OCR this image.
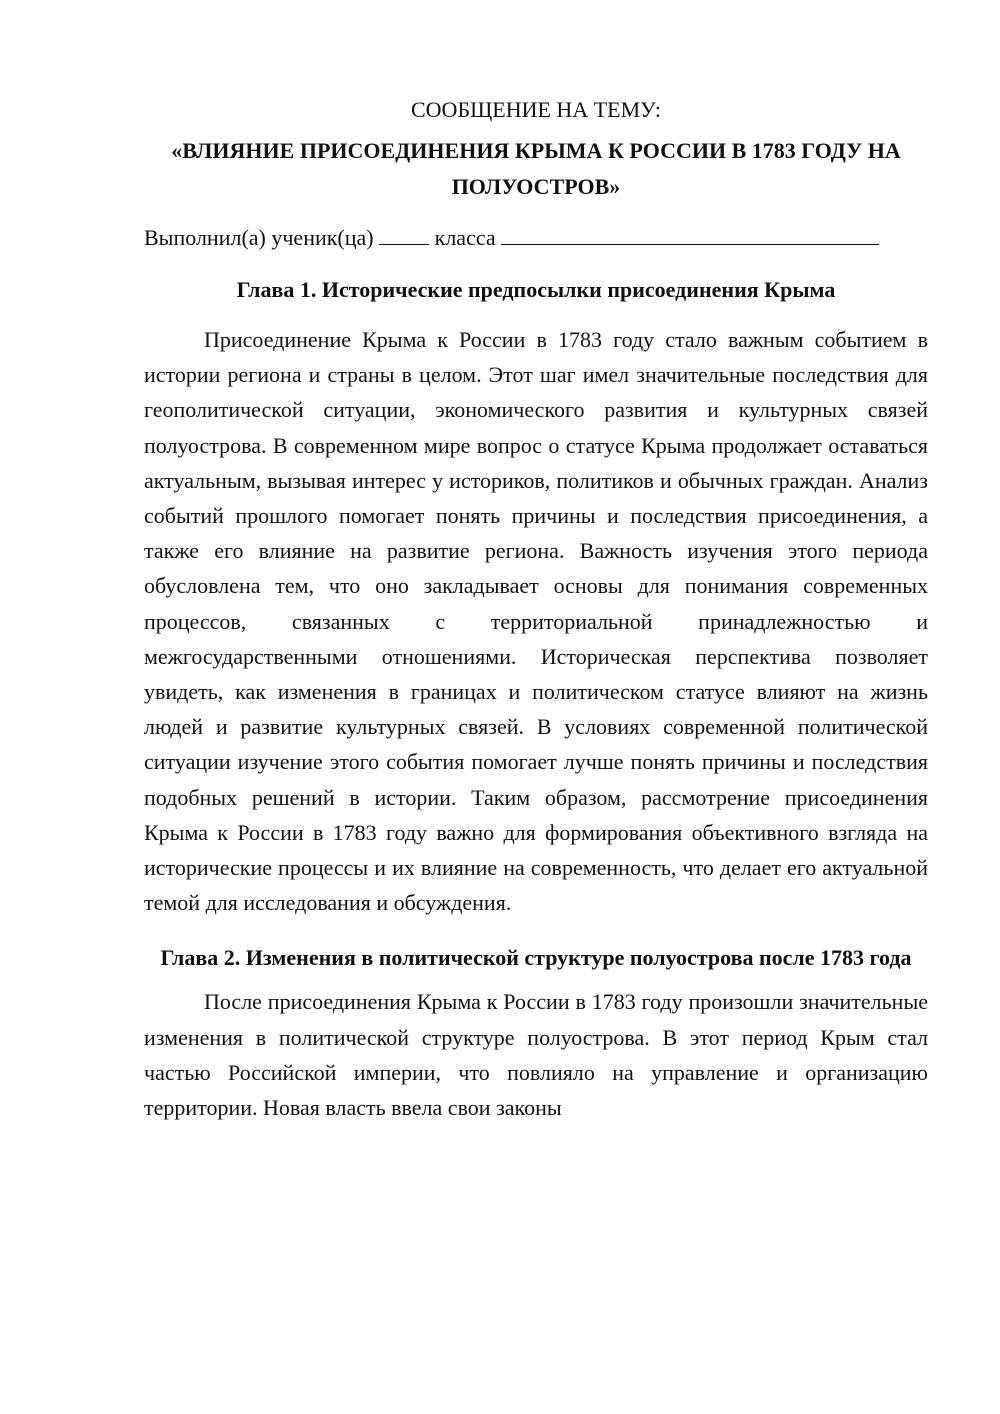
СООБЩЕНИЕ НА ТЕМУ:

«ВЛИЯНИЕ ПРИСОЕДИНЕНИЯ КРЫМА К РОССИИ В 1783 ГОДУ НА ПОЛУОСТРОВ»

Выполнил(а) ученик(ца)	класса

Глава 1. Исторические предпосылки присоединения Крыма

Присоединение Крыма к России в 1783 году стало важным событием в истории региона и страны в целом. Этот шаг имел значительные последствия для геополитической ситуации, экономического развития и культурных связей полуострова. В современном мире вопрос о статусе Крыма продолжает оставаться актуальным, вызывая интерес у историков, политиков и обычных граждан. Анализ событий прошлого помогает понять причины и последствия присоединения, а также его влияние на развитие региона. Важность изучения этого периода обусловлена тем, что оно закладывает основы для понимания современных процессов, связанных с территориальной принадлежностью и межгосударственными отношениями. Историческая перспектива позволяет увидеть, как изменения в границах и политическом статусе влияют на жизнь людей и развитие культурных связей. В условиях современной политической ситуации изучение этого события помогает лучше понять причины и последствия подобных решений в истории. Таким образом, рассмотрение присоединения Крыма к России в 1783 году важно для формирования объективного взгляда на исторические процессы и их влияние на современность, что делает его актуальной темой для исследования и обсуждения.

Глава 2. Изменения в политической структуре полуострова после 1783 года

После присоединения Крыма к России в 1783 году произошли значительные изменения в политической структуре полуострова. В этот период Крым стал частью Российской империи, что повлияло на управление и организацию территории. Новая власть ввела свои законы
